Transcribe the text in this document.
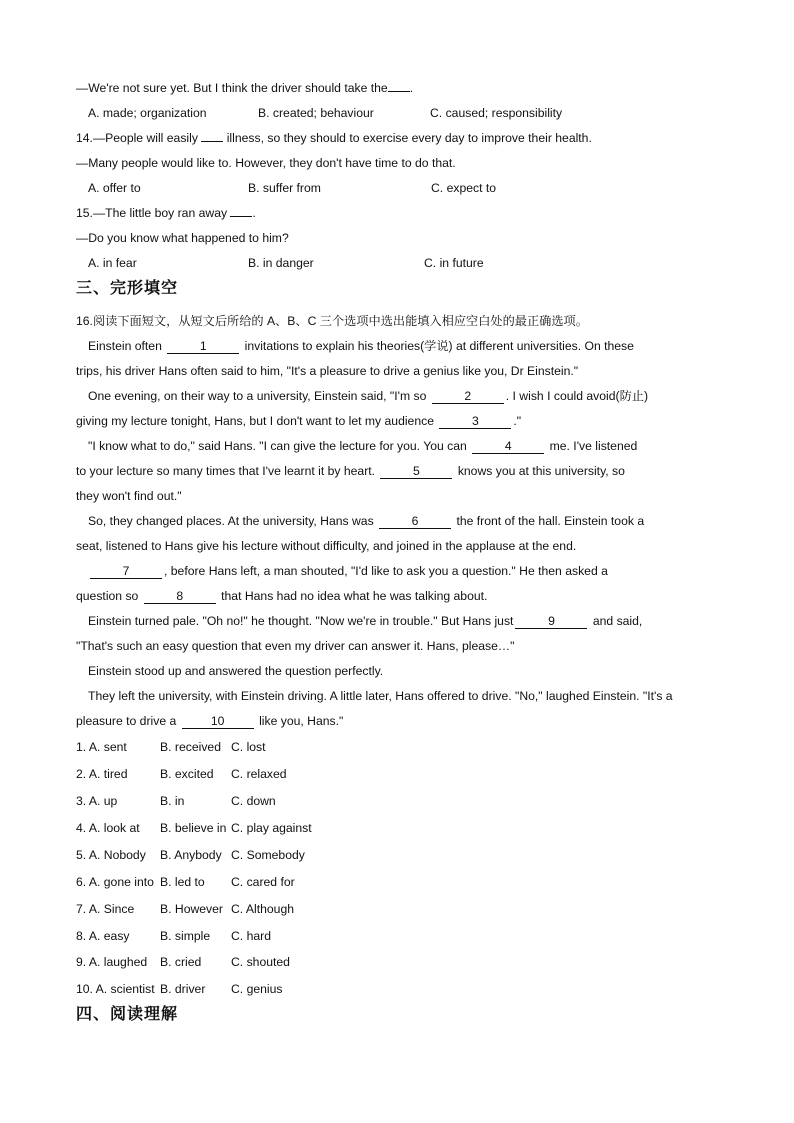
—We're not sure yet. But I think the driver should take the .
A. made; organization	B. created; behaviour	C. caused; responsibility
14.—People will easily illness, so they should to exercise every day to improve their health.
—Many people would like to. However, they don't have time to do that.
A. offer to	B. suffer from	C. expect to
15.—The little boy ran away .
—Do you know what happened to him?
A. in fear	B. in danger	C. in future
三、完形填空
16.阅读下面短文，从短文后所给的 A、B、C 三个选项中选出能填入相应空白处的最正确选项。
Einstein often	1	invitations to explain his theories(学说) at different universities. On these
trips, his driver Hans often said to him, "It's a pleasure to drive a genius like you, Dr Einstein."
One evening, on their way to a university, Einstein said, "I'm so	2	. I wish I could avoid(防止)
giving my lecture tonight, Hans, but I don't want to let my audience	3	."
"I know what to do," said Hans. "I can give the lecture for you. You can	4	me. I've listened
to your lecture so many times that I've learnt it by heart.	5	knows you at this university, so
they won't find out."
So, they changed places. At the university, Hans was	6	the front of the hall. Einstein took a
seat, listened to Hans give his lecture without difficulty, and joined in the applause at the end.
7	, before Hans left, a man shouted, "I'd like to ask you a question." He then asked a
question so	8	that Hans had no idea what he was talking about.
Einstein turned pale. "Oh no!" he thought. "Now we're in trouble." But Hans just	9	and said,
"That's such an easy question that even my driver can answer it. Hans, please…"
Einstein stood up and answered the question perfectly.
They left the university, with Einstein driving. A little later, Hans offered to drive. "No," laughed Einstein. "It's a
pleasure to drive a	10	like you, Hans."
1. A. sent	B. received C. lost
2. A. tired	B. excited C. relaxed
3. A. up	B. in	C. down
4. A. look at B. believe in C. play against
5. A. Nobody B. Anybody C. Somebody
6. A. gone into B. led to C. cared for
7. A. Since B. However C. Although
8. A. easy B. simple C. hard
9. A. laughed B. cried C. shouted
10. A. scientist B. driver C. genius
四、阅读理解
